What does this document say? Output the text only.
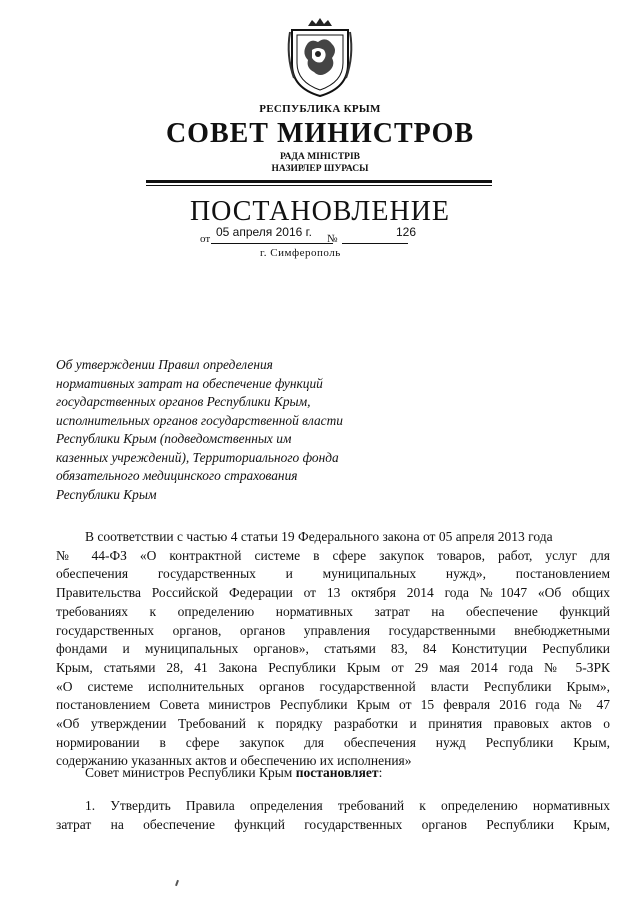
РЕСПУБЛИКА КРЫМ
СОВЕТ МИНИСТРОВ
РАДА МІНІСТРІВ
НАЗИРЛЕР ШУРАСЫ
ПОСТАНОВЛЕНИЕ
от 05 апреля 2016 г. №	126
г. Симферополь
Об утверждении Правил определения
нормативных затрат на обеспечение функций
государственных органов Республики Крым,
исполнительных органов государственной власти
Республики Крым (подведомственных им
казенных учреждений), Территориального фонда
обязательного медицинского страхования
Республики Крым
В соответствии с частью 4 статьи 19 Федерального закона от 05 апреля 2013 года
№ 44-ФЗ «О контрактной системе в сфере закупок товаров, работ, услуг для
обеспечения государственных и муниципальных нужд», постановлением
Правительства Российской Федерации от 13 октября 2014 года №1047 «Об общих
требованиях к определению нормативных затрат на обеспечение функций
государственных органов, органов управления государственными внебюджетными
фондами и муниципальных органов», статьями 83, 84 Конституции Республики
Крым, статьями 28, 41 Закона Республики Крым от 29 мая 2014 года № 5-ЗРК
«О системе исполнительных органов государственной власти Республики Крым»,
постановлением Совета министров Республики Крым от 15 февраля 2016 года № 47
«Об утверждении Требований к порядку разработки и принятия правовых актов о
нормировании в сфере закупок для обеспечения нужд Республики Крым,
содержанию указанных актов и обеспечению их исполнения»
Совет министров Республики Крым постановляет:
1. Утвердить Правила определения требований к определению нормативных
затрат на обеспечение функций государственных органов Республики Крым,
